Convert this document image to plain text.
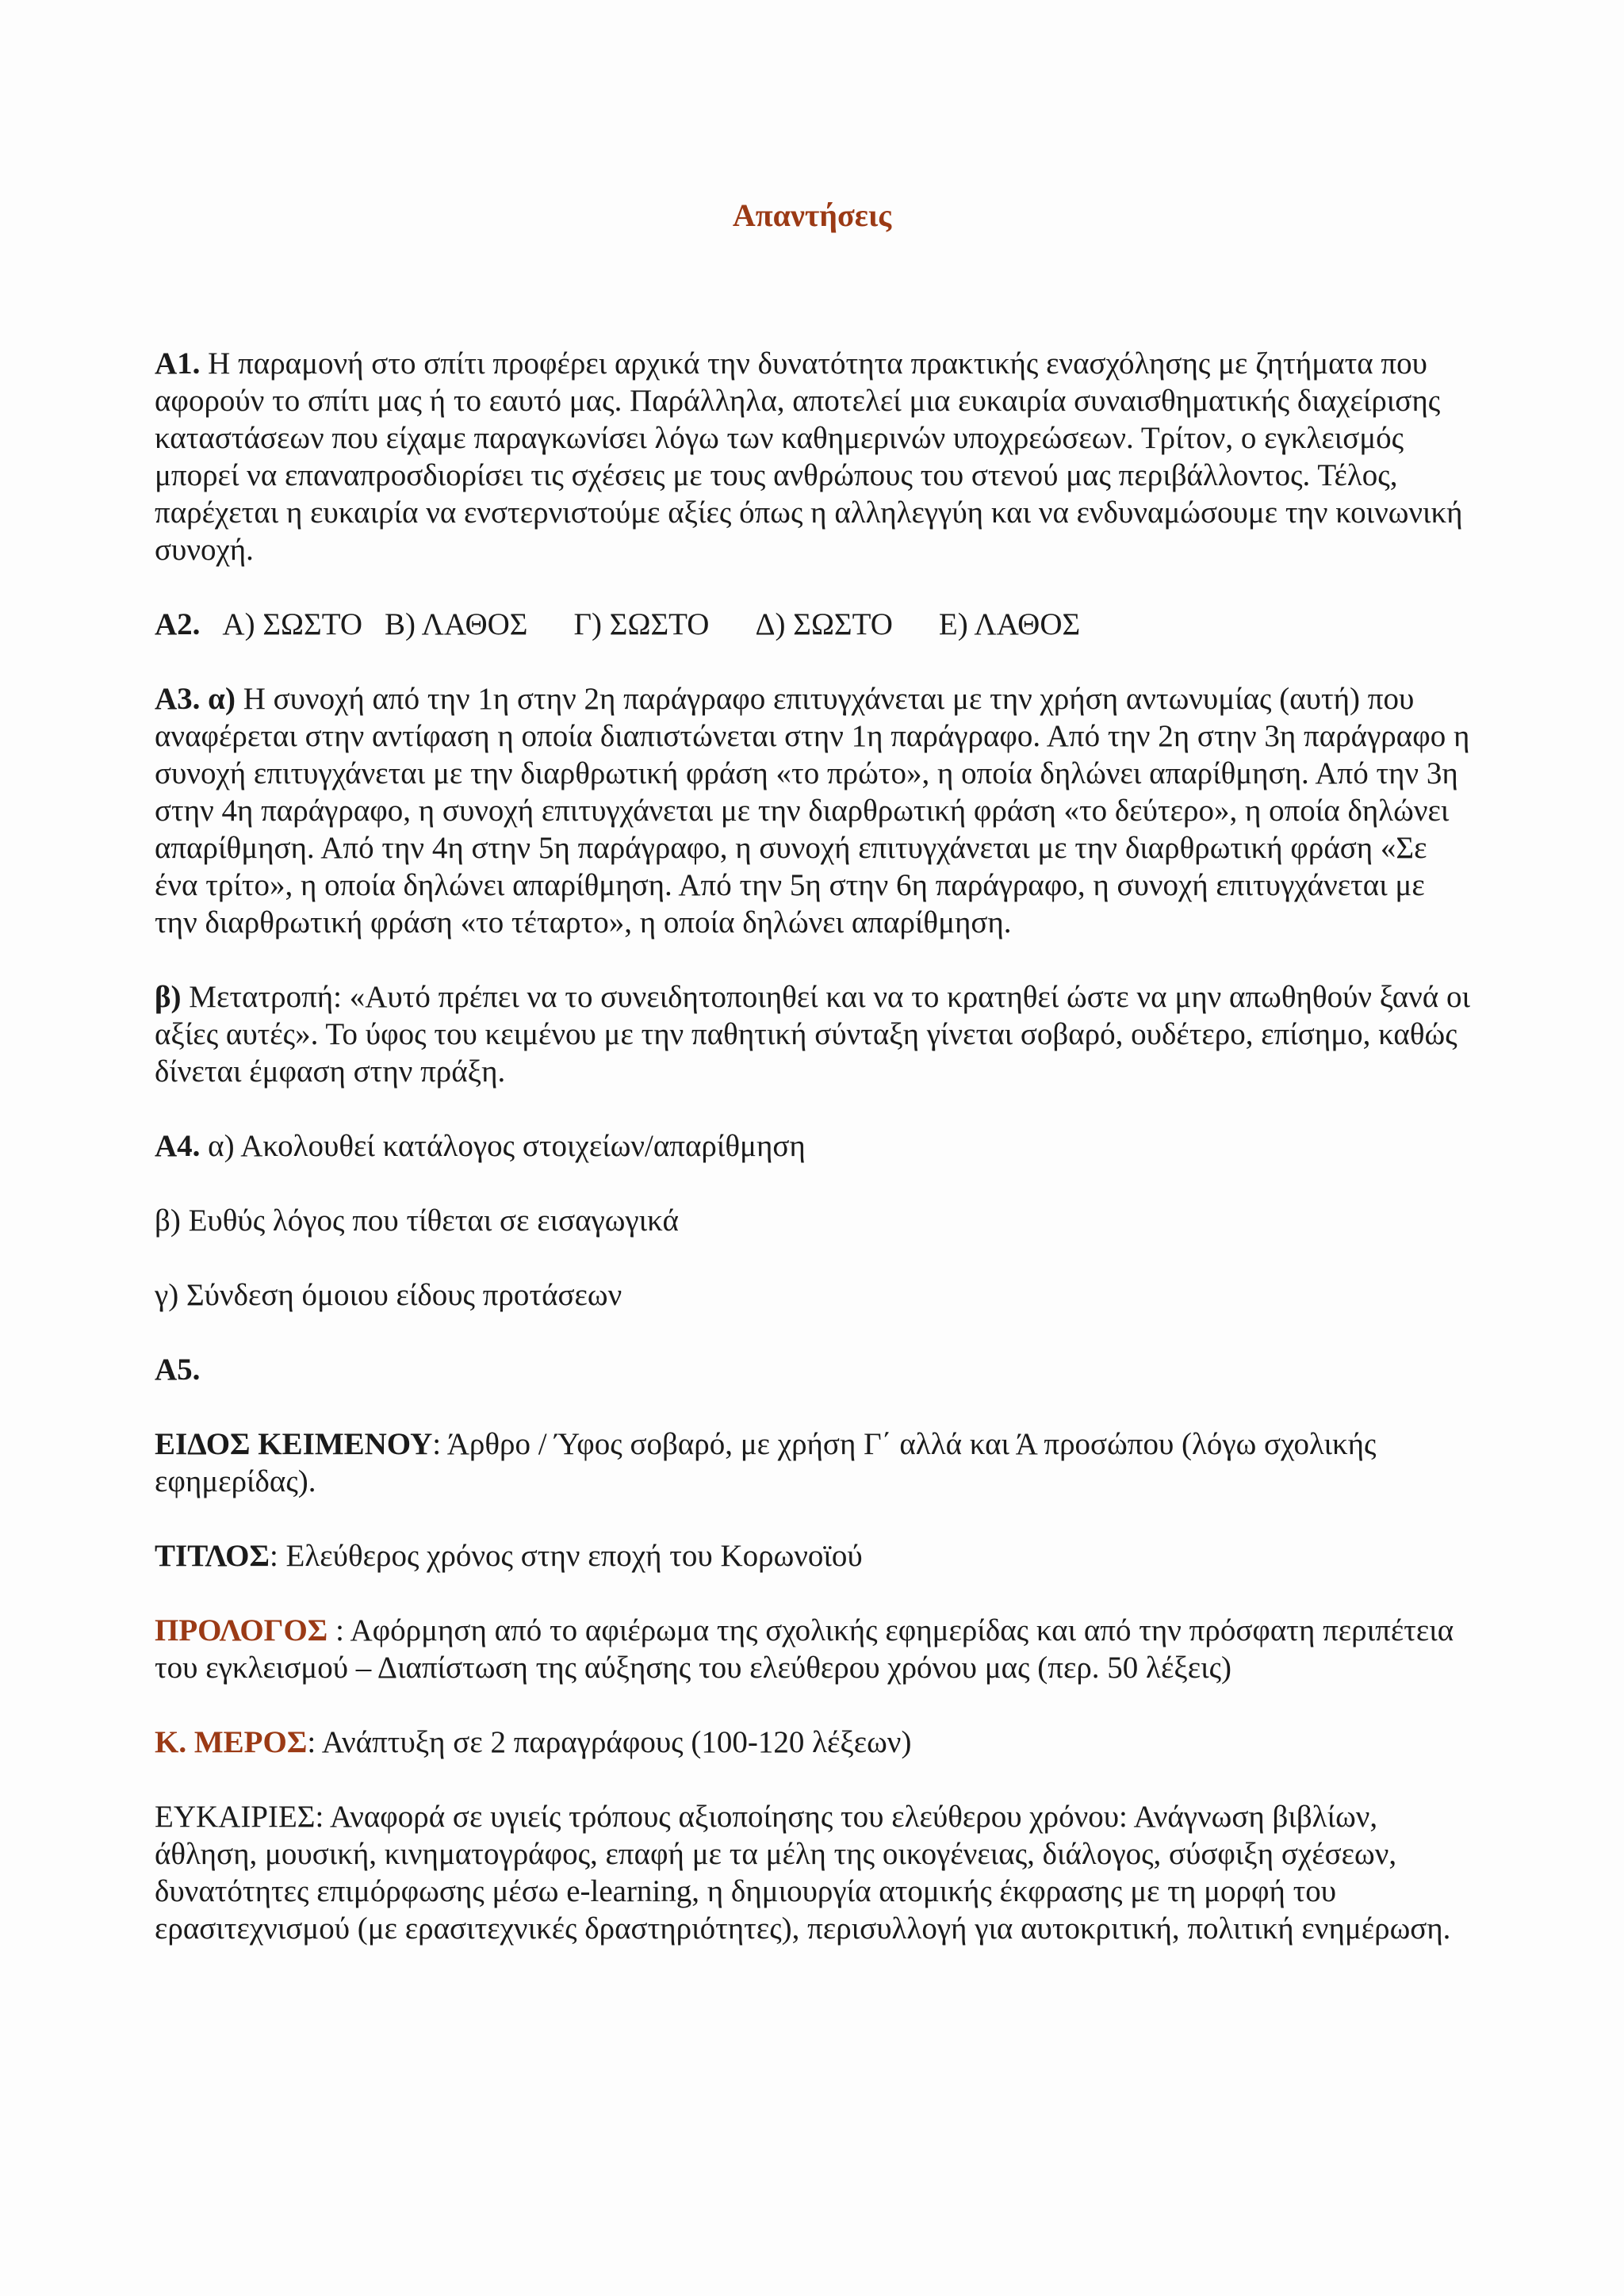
Απαντήσεις

Α1. Η παραμονή στο σπίτι προφέρει αρχικά την δυνατότητα πρακτικής ενασχόλησης με ζητήματα που αφορούν το σπίτι μας ή το εαυτό μας. Παράλληλα, αποτελεί μια ευκαιρία συναισθηματικής διαχείρισης καταστάσεων που είχαμε παραγκωνίσει λόγω των καθημερινών υποχρεώσεων. Τρίτον, ο εγκλεισμός μπορεί να επαναπροσδιορίσει τις σχέσεις με τους ανθρώπους του στενού μας περιβάλλοντος. Τέλος, παρέχεται η ευκαιρία να ενστερνιστούμε αξίες όπως η αλληλεγγύη και να ενδυναμώσουμε την κοινωνική συνοχή.

Α2. Α) ΣΩΣΤΟ Β) ΛΑΘΟΣ Γ) ΣΩΣΤΟ Δ) ΣΩΣΤΟ Ε) ΛΑΘΟΣ

Α3. α) Η συνοχή από την 1η στην 2η παράγραφο επιτυγχάνεται με την χρήση αντωνυμίας (αυτή) που αναφέρεται στην αντίφαση η οποία διαπιστώνεται στην 1η παράγραφο. Από την 2η στην 3η παράγραφο η συνοχή επιτυγχάνεται με την διαρθρωτική φράση «το πρώτο», η οποία δηλώνει απαρίθμηση. Από την 3η στην 4η παράγραφο, η συνοχή επιτυγχάνεται με την διαρθρωτική φράση «το δεύτερο», η οποία δηλώνει απαρίθμηση. Από την 4η στην 5η παράγραφο, η συνοχή επιτυγχάνεται με την διαρθρωτική φράση «Σε ένα τρίτο», η οποία δηλώνει απαρίθμηση. Από την 5η στην 6η παράγραφο, η συνοχή επιτυγχάνεται με την διαρθρωτική φράση «το τέταρτο», η οποία δηλώνει απαρίθμηση.

β) Μετατροπή: «Αυτό πρέπει να το συνειδητοποιηθεί και να το κρατηθεί ώστε να μην απωθηθούν ξανά οι αξίες αυτές». Το ύφος του κειμένου με την παθητική σύνταξη γίνεται σοβαρό, ουδέτερο, επίσημο, καθώς δίνεται έμφαση στην πράξη.

Α4. α) Ακολουθεί κατάλογος στοιχείων/απαρίθμηση

β) Ευθύς λόγος που τίθεται σε εισαγωγικά

γ) Σύνδεση όμοιου είδους προτάσεων

Α5.

ΕΙΔΟΣ ΚΕΙΜΕΝΟΥ: Άρθρο / Ύφος σοβαρό, με χρήση Γ΄ αλλά και Ά προσώπου (λόγω σχολικής εφημερίδας).

ΤΙΤΛΟΣ: Ελεύθερος χρόνος στην εποχή του Κορωνοϊού

ΠΡΟΛΟΓΟΣ : Αφόρμηση από το αφιέρωμα της σχολικής εφημερίδας και από την πρόσφατη περιπέτεια του εγκλεισμού – Διαπίστωση της αύξησης του ελεύθερου χρόνου μας (περ. 50 λέξεις)

Κ. ΜΕΡΟΣ: Ανάπτυξη σε 2 παραγράφους (100-120 λέξεων)

ΕΥΚΑΙΡΙΕΣ: Αναφορά σε υγιείς τρόπους αξιοποίησης του ελεύθερου χρόνου: Ανάγνωση βιβλίων, άθληση, μουσική, κινηματογράφος, επαφή με τα μέλη της οικογένειας, διάλογος, σύσφιξη σχέσεων, δυνατότητες επιμόρφωσης μέσω e-learning, η δημιουργία ατομικής έκφρασης με τη μορφή του ερασιτεχνισμού (με ερασιτεχνικές δραστηριότητες), περισυλλογή για αυτοκριτική, πολιτική ενημέρωση.
